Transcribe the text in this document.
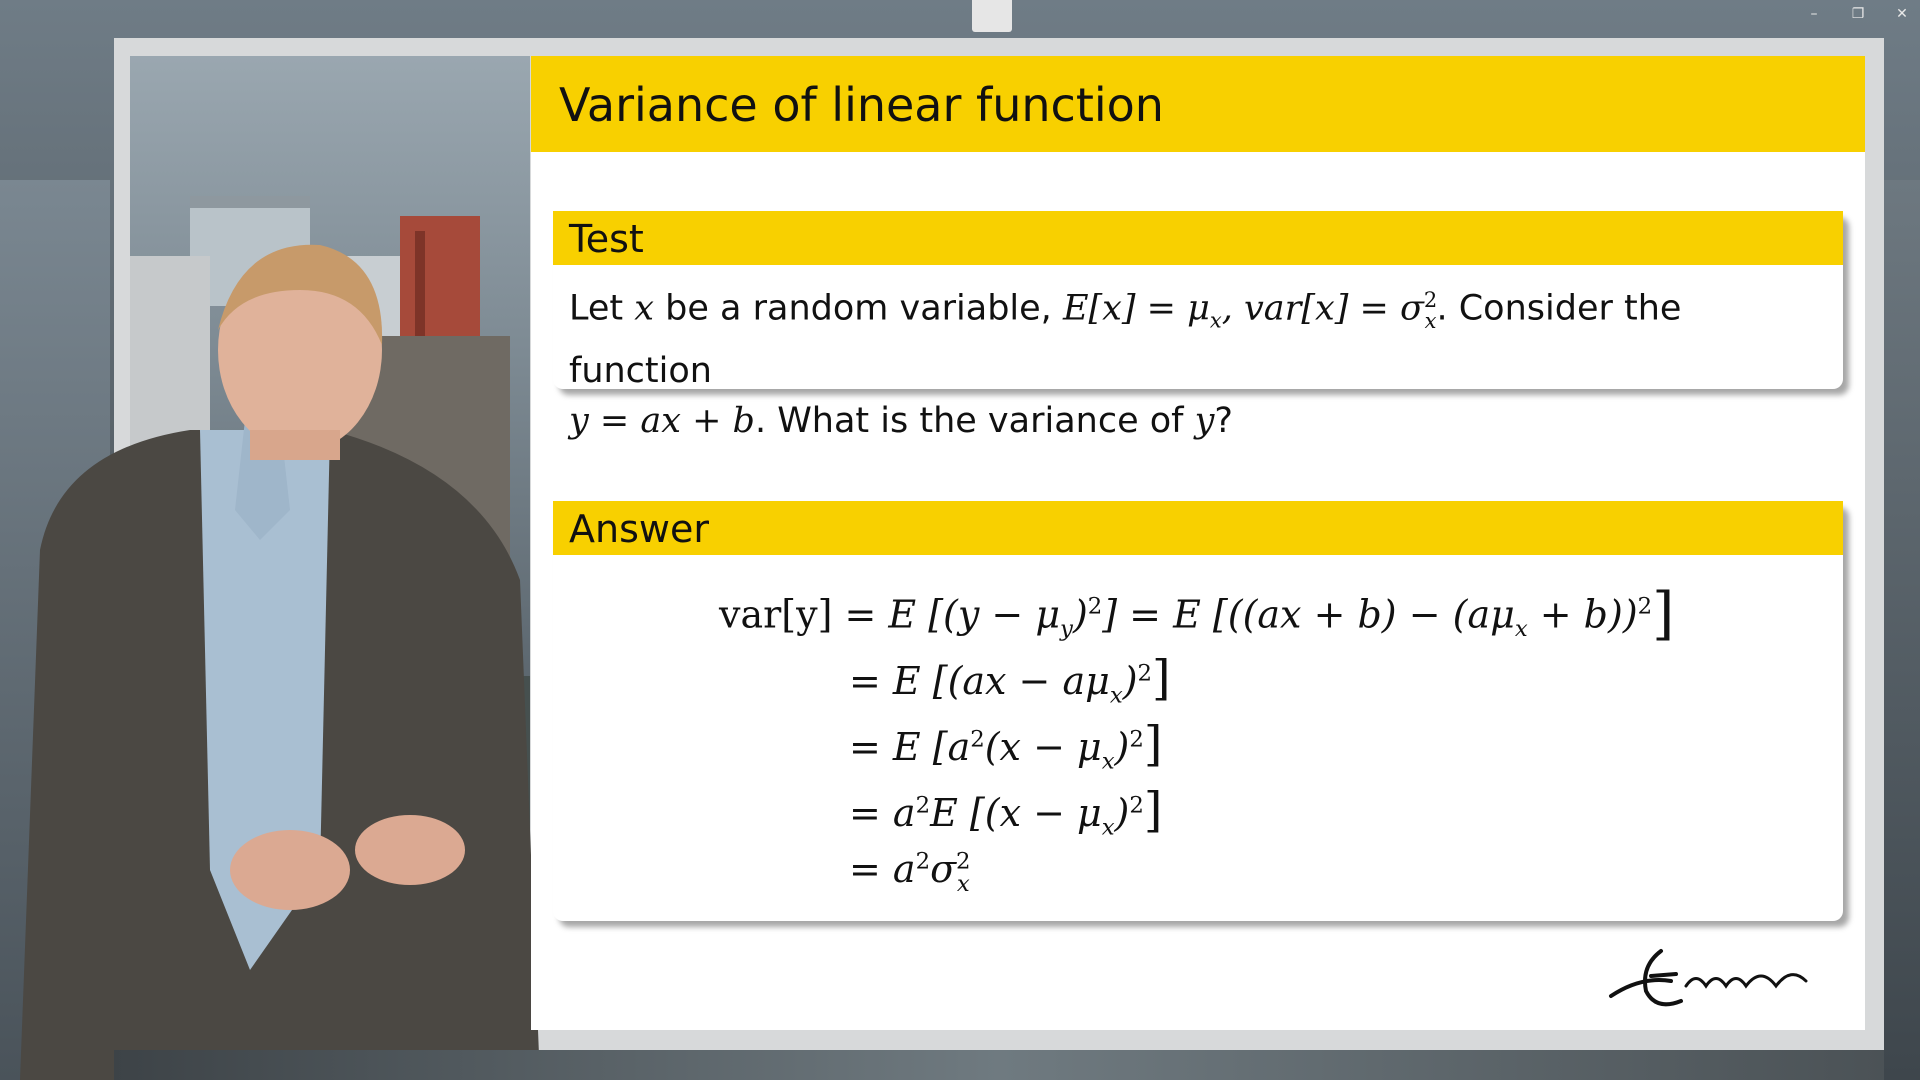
–	❐ ✕
Variance of linear function
Test
Let x be a random variable, $E[x] = \mu_x$, $var[x] = \sigma^2_x$. Consider the function
y = ax + b. What is the variance of y?
Answer
var[y] = E $[(y - \mu_y)^2] = E$ $[((ax + b) - (a\mu_x + b))^2]$
= E $[(ax - a\mu_x)^2]$
= E $[a^2(x - \mu_x)^2]$
= $a^2E$ $[(x - \mu_x)^2]$
= $a^2\sigma^2_x$
